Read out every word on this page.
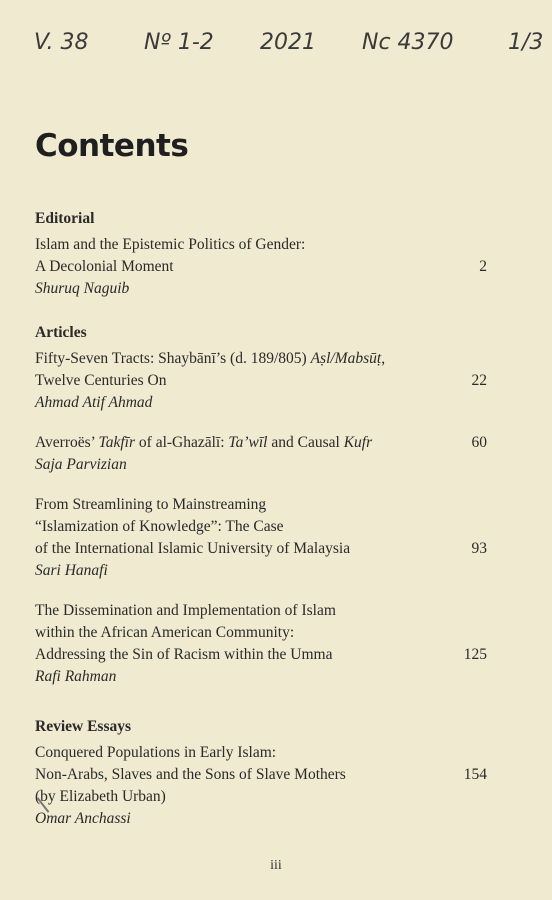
V. 38	Nº 1-2 2021 Nc 4370 1/3
Contents
Editorial
Islam and the Epistemic Politics of Gender:
A Decolonial Moment	2
Shuruq Naguib
Articles
Fifty-Seven Tracts: Shaybānī’s (d. 189/805) Aṣl/Mabsūṭ,
Twelve Centuries On	22
Ahmad Atif Ahmad
Averroës’ Takfīr of al-Ghazālī: Ta’wīl and Causal Kufr	60
Saja Parvizian
From Streamlining to Mainstreaming
“Islamization of Knowledge”: The Case
of the International Islamic University of Malaysia	93
Sari Hanafi
The Dissemination and Implementation of Islam
within the African American Community:
Addressing the Sin of Racism within the Umma	125
Rafi Rahman
Review Essays
Conquered Populations in Early Islam:
Non-Arabs, Slaves and the Sons of Slave Mothers	154
(by Elizabeth Urban)
Omar Anchassi
iii
